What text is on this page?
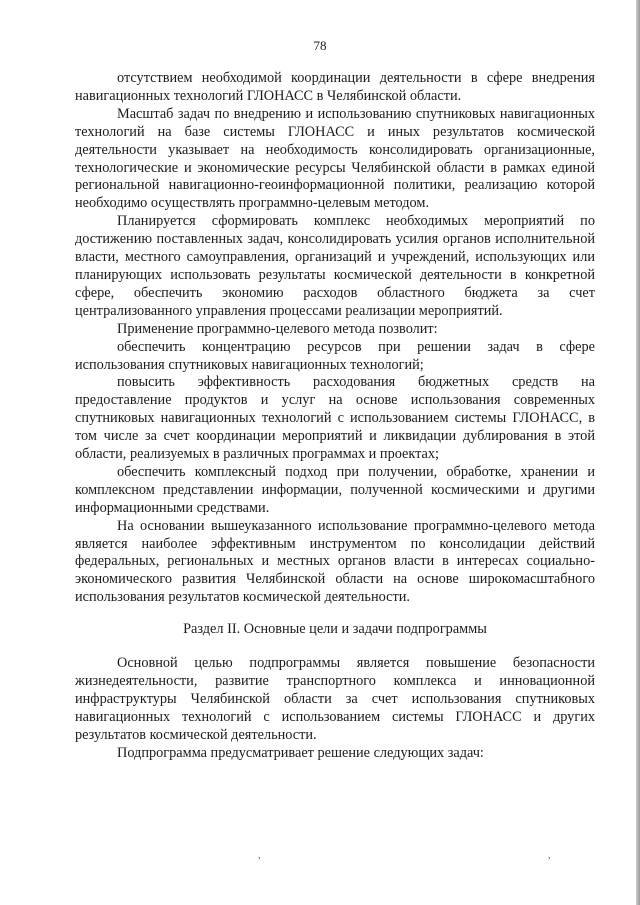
78

отсутствием необходимой координации деятельности в сфере внедрения навигационных технологий ГЛОНАСС в Челябинской области.

Масштаб задач по внедрению и использованию спутниковых навигационных технологий на базе системы ГЛОНАСС и иных результатов космической деятельности указывает на необходимость консолидировать организационные, технологические и экономические ресурсы Челябинской области в рамках единой региональной навигационно-геоинформационной политики, реализацию которой необходимо осуществлять программно-целевым методом.

Планируется сформировать комплекс необходимых мероприятий по достижению поставленных задач, консолидировать усилия органов исполнительной власти, местного самоуправления, организаций и учреждений, использующих или планирующих использовать результаты космической деятельности в конкретной сфере, обеспечить экономию расходов областного бюджета за счет централизованного управления процессами реализации мероприятий.

Применение программно-целевого метода позволит:

обеспечить концентрацию ресурсов при решении задач в сфере использования спутниковых навигационных технологий;

повысить эффективность расходования бюджетных средств на предоставление продуктов и услуг на основе использования современных спутниковых навигационных технологий с использованием системы ГЛОНАСС, в том числе за счет координации мероприятий и ликвидации дублирования в этой области, реализуемых в различных программах и проектах;

обеспечить комплексный подход при получении, обработке, хранении и комплексном представлении информации, полученной космическими и другими информационными средствами.

На основании вышеуказанного использование программно-целевого метода является наиболее эффективным инструментом по консолидации действий федеральных, региональных и местных органов власти в интересах социально-экономического развития Челябинской области на основе широкомасштабного использования результатов космической деятельности.

Раздел II. Основные цели и задачи подпрограммы

Основной целью подпрограммы является повышение безопасности жизнедеятельности, развитие транспортного комплекса и инновационной инфраструктуры Челябинской области за счет использования спутниковых навигационных технологий с использованием системы ГЛОНАСС и других результатов космической деятельности.

Подпрограмма предусматривает решение следующих задач:

,	,
